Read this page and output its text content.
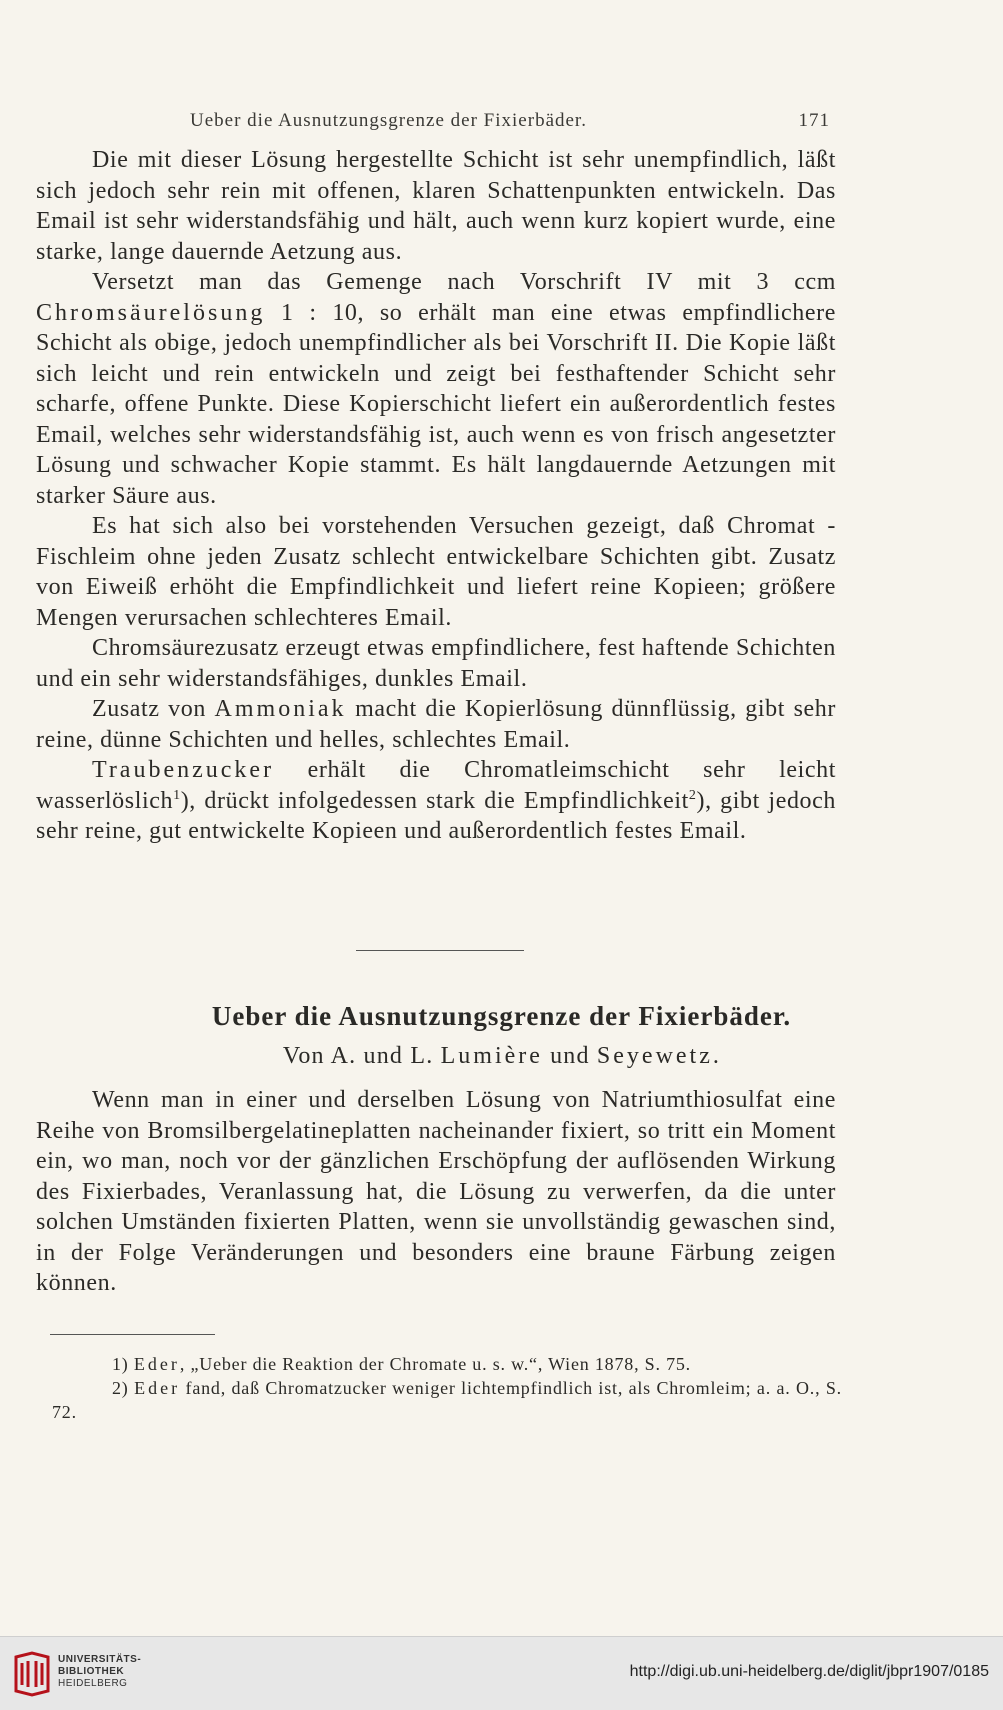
Ueber die Ausnutzungsgrenze der Fixierbäder.	171

Die mit dieser Lösung hergestellte Schicht ist sehr unempfindlich, läßt sich jedoch sehr rein mit offenen, klaren Schattenpunkten entwickeln. Das Email ist sehr widerstandsfähig und hält, auch wenn kurz kopiert wurde, eine starke, lange dauernde Aetzung aus.

Versetzt man das Gemenge nach Vorschrift IV mit 3 ccm Chromsäurelösung 1 : 10, so erhält man eine etwas empfindlichere Schicht als obige, jedoch unempfindlicher als bei Vorschrift II. Die Kopie läßt sich leicht und rein entwickeln und zeigt bei festhaftender Schicht sehr scharfe, offene Punkte. Diese Kopierschicht liefert ein außerordentlich festes Email, welches sehr widerstandsfähig ist, auch wenn es von frisch angesetzter Lösung und schwacher Kopie stammt. Es hält langdauernde Aetzungen mit starker Säure aus.

Es hat sich also bei vorstehenden Versuchen gezeigt, daß Chromat - Fischleim ohne jeden Zusatz schlecht entwickelbare Schichten gibt. Zusatz von Eiweiß erhöht die Empfindlichkeit und liefert reine Kopieen; größere Mengen verursachen schlechteres Email.

Chromsäurezusatz erzeugt etwas empfindlichere, fest haftende Schichten und ein sehr widerstandsfähiges, dunkles Email.

Zusatz von Ammoniak macht die Kopierlösung dünnflüssig, gibt sehr reine, dünne Schichten und helles, schlechtes Email.

Traubenzucker erhält die Chromatleimschicht sehr leicht wasserlöslich$^1$), drückt infolgedessen stark die Empfindlichkeit$^2$), gibt jedoch sehr reine, gut entwickelte Kopieen und außerordentlich festes Email.

Ueber die Ausnutzungsgrenze der Fixierbäder.
Von A. und L. Lumière und Seyewetz.

Wenn man in einer und derselben Lösung von Natriumthiosulfat eine Reihe von Bromsilbergelatineplatten nacheinander fixiert, so tritt ein Moment ein, wo man, noch vor der gänzlichen Erschöpfung der auflösenden Wirkung des Fixierbades, Veranlassung hat, die Lösung zu verwerfen, da die unter solchen Umständen fixierten Platten, wenn sie unvollständig gewaschen sind, in der Folge Veränderungen und besonders eine braune Färbung zeigen können.

1) Eder, „Ueber die Reaktion der Chromate u. s. w.“, Wien 1878, S. 75.

2) Eder fand, daß Chromatzucker weniger lichtempfindlich ist, als Chromleim; a. a. O., S. 72.

UNIVERSITÄTS-
BIBLIOTHEK
HEIDELBERG
http://digi.ub.uni-heidelberg.de/diglit/jbpr1907/0185
